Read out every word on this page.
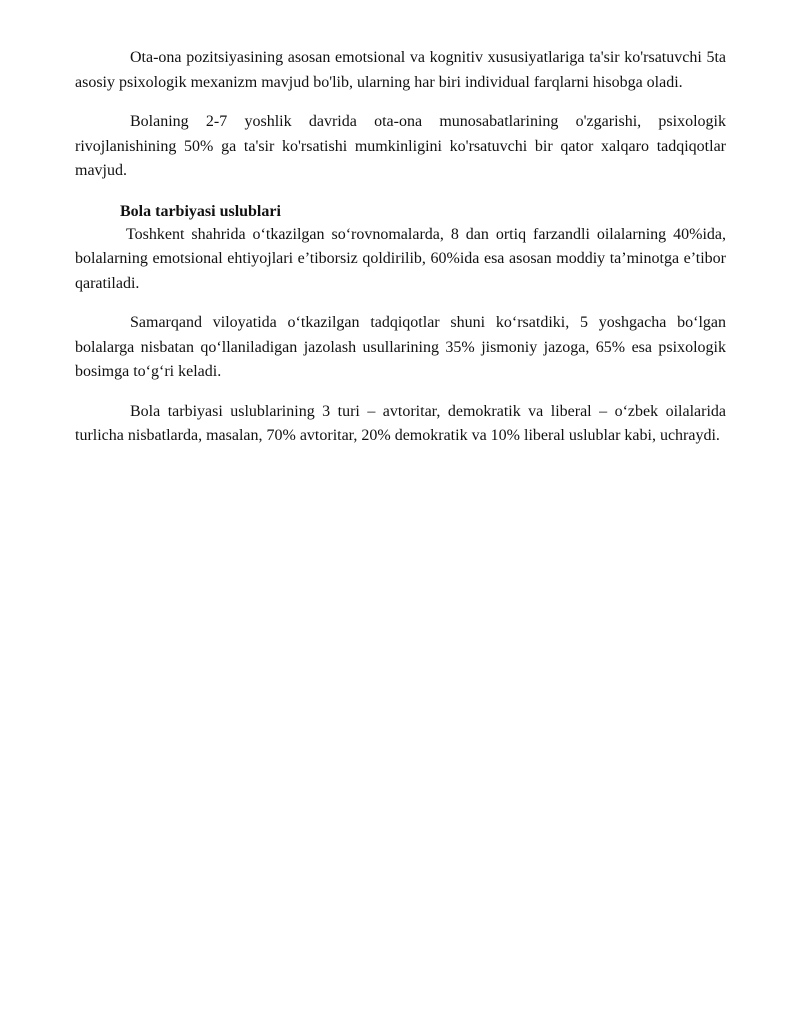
Ota-ona pozitsiyasining asosan emotsional va kognitiv xususiyatlariga ta'sir ko'rsatuvchi 5ta asosiy psixologik mexanizm mavjud bo'lib, ularning har biri individual farqlarni hisobga oladi.

Bolaning 2-7 yoshlik davrida ota-ona munosabatlarining o'zgarishi, psixologik rivojlanishining 50% ga ta'sir ko'rsatishi mumkinligini ko'rsatuvchi bir qator xalqaro tadqiqotlar mavjud.

Bola tarbiyasi uslublari

Toshkent shahrida o‘tkazilgan so‘rovnomalarda, 8 dan ortiq farzandli oilalarning 40%ida, bolalarning emotsional ehtiyojlari e’tiborsiz qoldirilib, 60%ida esa asosan moddiy ta’minotga e’tibor qaratiladi.

Samarqand viloyatida o‘tkazilgan tadqiqotlar shuni ko‘rsatdiki, 5 yoshgacha bo‘lgan bolalarga nisbatan qo‘llaniladigan jazolash usullarining 35% jismoniy jazoga, 65% esa psixologik bosimga to‘g‘ri keladi.

Bola tarbiyasi uslublarining 3 turi – avtoritar, demokratik va liberal – o‘zbek oilalarida turlicha nisbatlarda, masalan, 70% avtoritar, 20% demokratik va 10% liberal uslublar kabi, uchraydi.
